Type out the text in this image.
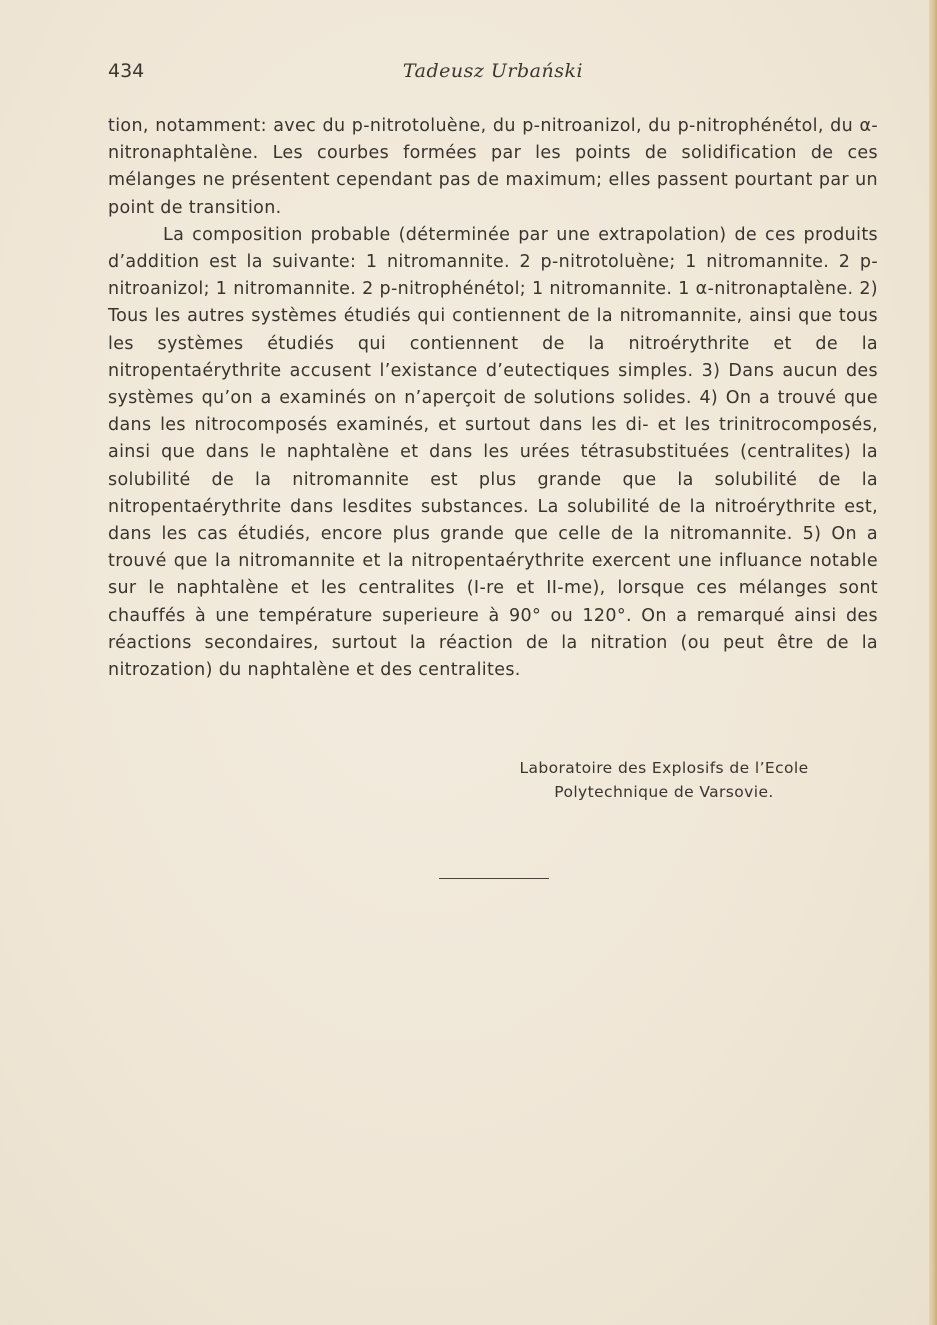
434	Tadeusz Urbański

tion, notamment: avec du p-nitrotoluène, du p-nitroanizol, du p-nitrophénétol, du α-nitronaphtalène. Les courbes formées par les points de solidification de ces mélanges ne présentent cependant pas de maximum; elles passent pourtant par un point de transition.

La composition probable (déterminée par une extrapolation) de ces produits d’addition est la suivante: 1 nitromannite. 2 p-nitrotoluène; 1 nitromannite. 2 p-nitroanizol; 1 nitromannite. 2 p-nitrophénétol; 1 nitromannite. 1 α-nitronaptalène. 2) Tous les autres systèmes étudiés qui contiennent de la nitromannite, ainsi que tous les systèmes étudiés qui contiennent de la nitroérythrite et de la nitropentaérythrite accusent l’existance d’eutectiques simples. 3) Dans aucun des systèmes qu’on a examinés on n’aperçoit de solutions solides. 4) On a trouvé que dans les nitrocomposés examinés, et surtout dans les di- et les trinitrocomposés, ainsi que dans le naphtalène et dans les urées tétrasubstituées (centralites) la solubilité de la nitromannite est plus grande que la solubilité de la nitropentaérythrite dans lesdites substances. La solubilité de la nitroérythrite est, dans les cas étudiés, encore plus grande que celle de la nitromannite. 5) On a trouvé que la nitromannite et la nitropentaérythrite exercent une influance notable sur le naphtalène et les centralites (I-re et II-me), lorsque ces mélanges sont chauffés à une température superieure à 90° ou 120°. On a remarqué ainsi des réactions secondaires, surtout la réaction de la nitration (ou peut être de la nitrozation) du naphtalène et des centralites.

Laboratoire des Explosifs de l’Ecole
Polytechnique de Varsovie.
